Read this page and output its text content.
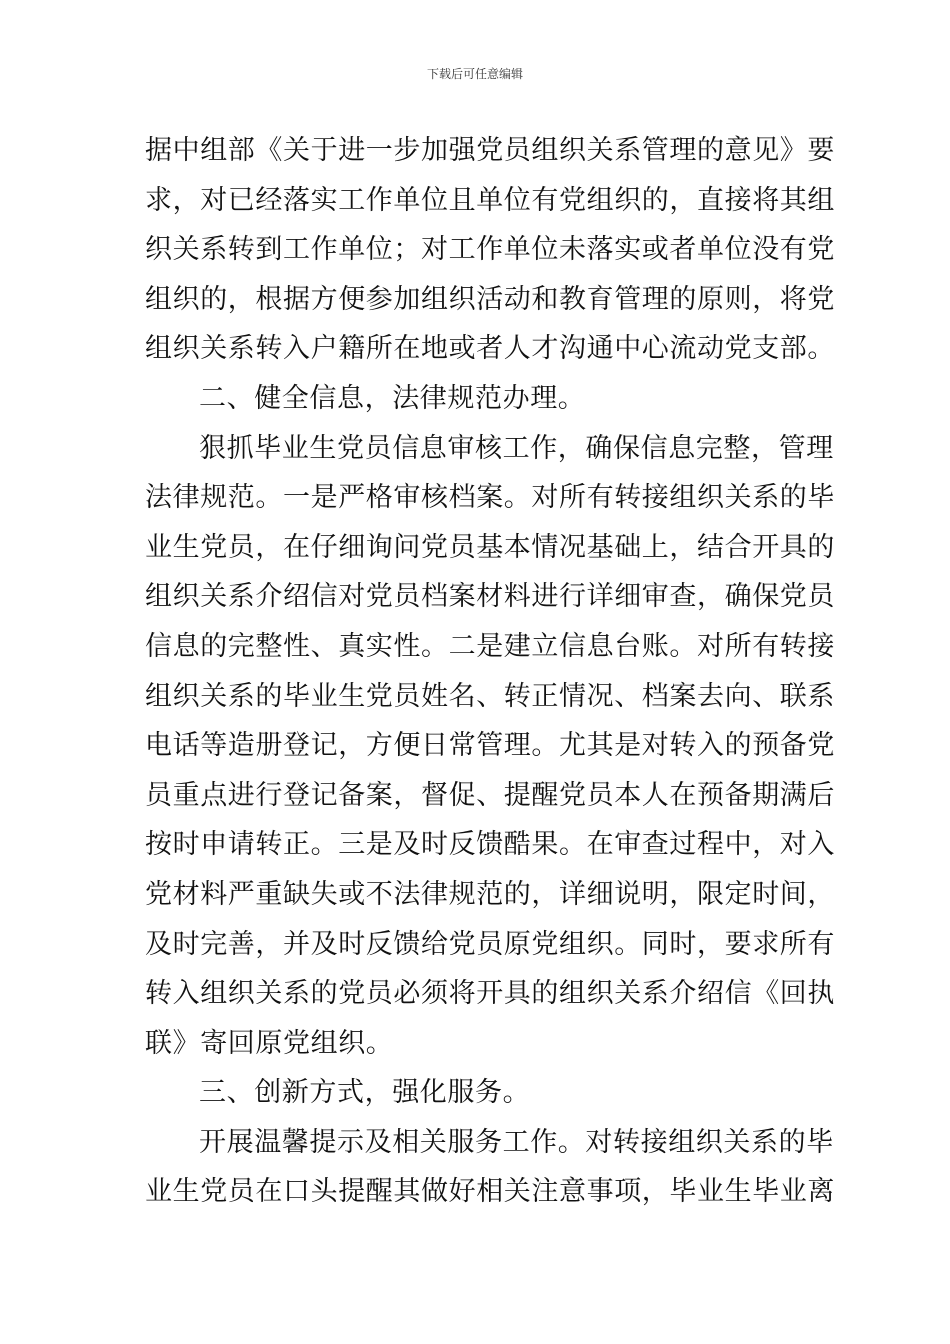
下载后可任意编辑
据中组部《关于进一步加强党员组织关系管理的意见》要
求，对已经落实工作单位且单位有党组织的，直接将其组
织关系转到工作单位；对工作单位未落实或者单位没有党
组织的，根据方便参加组织活动和教育管理的原则，将党
组织关系转入户籍所在地或者人才沟通中心流动党支部。
二、健全信息，法律规范办理。
狠抓毕业生党员信息审核工作，确保信息完整，管理
法律规范。一是严格审核档案。对所有转接组织关系的毕
业生党员，在仔细询问党员基本情况基础上，结合开具的
组织关系介绍信对党员档案材料进行详细审查，确保党员
信息的完整性、真实性。二是建立信息台账。对所有转接
组织关系的毕业生党员姓名、转正情况、档案去向、联系
电话等造册登记，方便日常管理。尤其是对转入的预备党
员重点进行登记备案，督促、提醒党员本人在预备期满后
按时申请转正。三是及时反馈酷果。在审查过程中，对入
党材料严重缺失或不法律规范的，详细说明，限定时间，
及时完善，并及时反馈给党员原党组织。同时，要求所有
转入组织关系的党员必须将开具的组织关系介绍信《回执
联》寄回原党组织。
三、创新方式，强化服务。
开展温馨提示及相关服务工作。对转接组织关系的毕
业生党员在口头提醒其做好相关注意事项，毕业生毕业离
